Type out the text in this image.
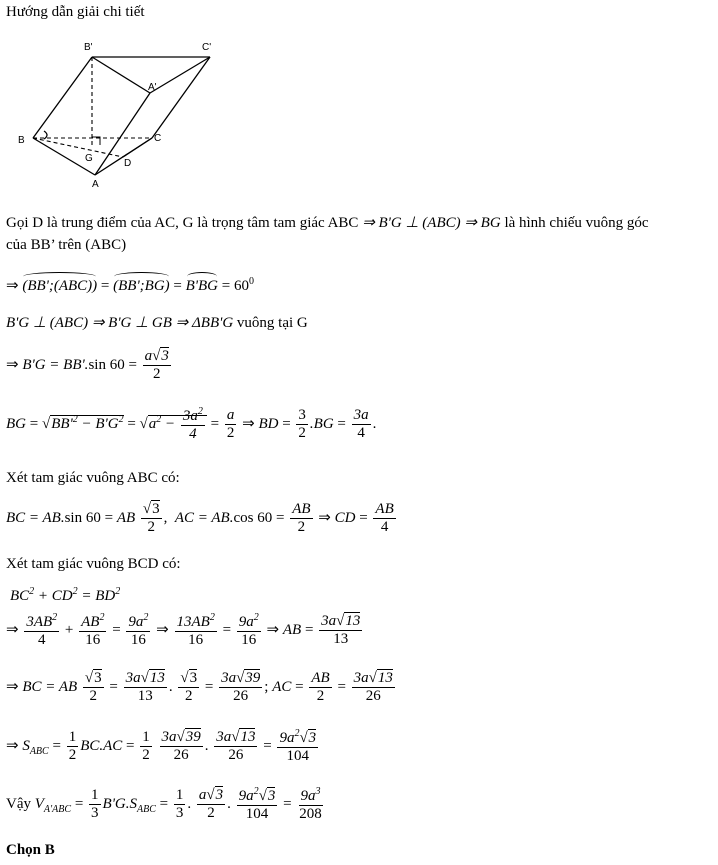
Hướng dẫn giải chi tiết
B'	C'
A'
B	C
G	D
A
Gọi D là trung điểm của AC, G là trọng tâm tam giác ABC ⇒ B'G ⊥ (ABC) ⇒ BG là hình chiếu vuông góc
của BB’ trên (ABC)
⇒ (BB';(ABC)) = (BB';BG) = $B'BG = 60^0$
B'G ⊥ (ABC) ⇒ B'G ⊥ GB ⇒ ΔBB'G vuông tại G
⇒ B'G = BB'.sin $60 = \frac{a√3}{2}$
BG = $√BB'^2 - B'G^2 = √a^2 - \frac{3a^2}{4} = \frac{a}{2}$ ⇒ BD = $\frac{3}{2} .BG = \frac{3a}{4}$ .
Xét tam giác vuông ABC có:
BC = AB.sin 60 = AB $\frac{√3}{2}$ ,  AC = AB.cos $60 = \frac{AB}{2}$ ⇒ CD = $\frac{AB}{4}$
Xét tam giác vuông BCD có:
$BC^2 + CD^2 = BD^2$
⇒ $\frac{3AB^2}{4} + \frac{AB^2}{16} = \frac{9a^2}{16}$ ⇒ $\frac{13AB^2}{16} = \frac{9a^2}{16}$ ⇒ AB = $\frac{3a√13}{13}$
⇒ BC = AB $\frac{√3}{2} = \frac{3a√13}{13}$ . $\frac{√3}{2} = \frac{3a√39}{26}$ ; AC = $\frac{AB}{2} = \frac{3a√13}{26}$
⇒ $S_{ABC} = \frac{1}{2} BC.AC = \frac{1}{2}$
$\frac{3a√39}{26}$ . $\frac{3a√13}{26} = \frac{9a^2√3}{104}$
Vậy $V_{A'ABC} = \frac{1}{3} B'G.S_{ABC} = \frac{1}{3}$ . $\frac{a√3}{2}$ . $\frac{9a^2√3}{104} = \frac{9a^3}{208}$
Chọn B
